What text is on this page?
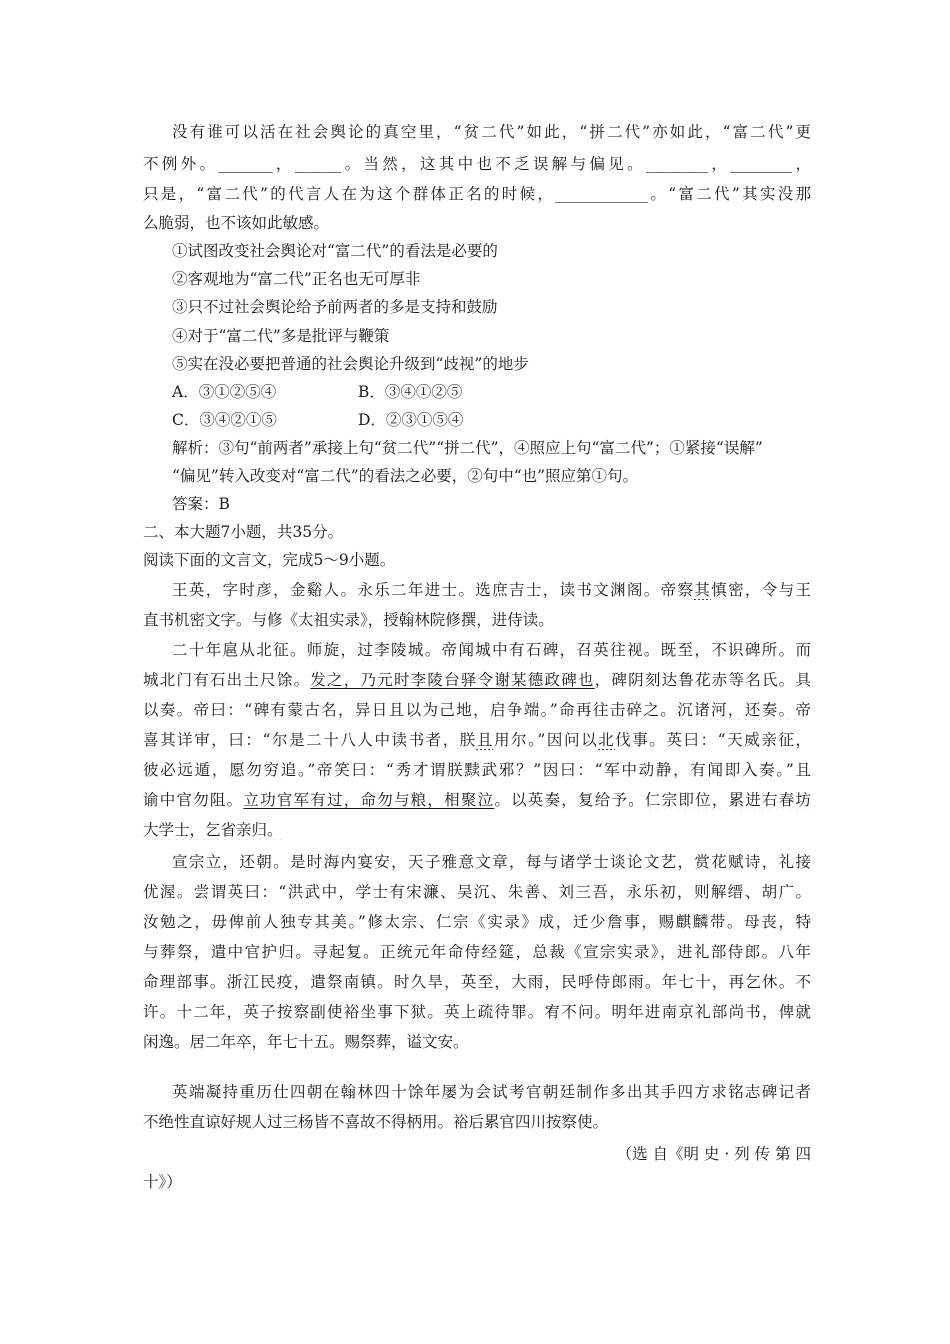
没有谁可以活在社会舆论的真空里，“贫二代”如此，“拼二代”亦如此，“富二代”更
不例外。_______，______。当然，这其中也不乏误解与偏见。________，________，
只是，“富二代”的代言人在为这个群体正名的时候，____________。“富二代”其实没那
么脆弱，也不该如此敏感。
①试图改变社会舆论对“富二代”的看法是必要的
②客观地为“富二代”正名也无可厚非
③只不过社会舆论给予前两者的多是支持和鼓励
④对于“富二代”多是批评与鞭策
⑤实在没必要把普通的社会舆论升级到“歧视”的地步
A．③①②⑤④	B．③④①②⑤
C．③④②①⑤	D．②③①⑤④
解析：③句“前两者”承接上句“贫二代”“拼二代”，④照应上句“富二代”；①紧接“误解”
“偏见”转入改变对“富二代”的看法之必要，②句中“也”照应第①句。
答案：B
二、本大题7小题，共35分。
阅读下面的文言文，完成5～9小题。
王英，字时彦，金谿人。永乐二年进士。选庶吉士，读书文渊阁。帝察其慎密，令与王
直书机密文字。与修《太祖实录》，授翰林院修撰，进侍读。
二十年扈从北征。师旋，过李陵城。帝闻城中有石碑，召英往视。既至，不识碑所。而
城北门有石出土尺馀。发之，乃元时李陵台驿令谢某德政碑也，碑阴刻达鲁花赤等名氏。具
以奏。帝曰：“碑有蒙古名，异日且以为己地，启争端。”命再往击碎之。沉诸河，还奏。帝
喜其详审，曰：“尔是二十八人中读书者，朕且用尔。”因问以北伐事。英曰：“天威亲征，
彼必远遁，愿勿穷追。”帝笑曰：“秀才谓朕黩武邪？”因曰：“军中动静，有闻即入奏。”且
谕中官勿阻。立功官军有过，命勿与粮，相聚泣。以英奏，复给予。仁宗即位，累进右春坊
大学士，乞省亲归。
宣宗立，还朝。是时海内宴安，天子雅意文章，每与诸学士谈论文艺，赏花赋诗，礼接
优渥。尝谓英曰：“洪武中，学士有宋濂、吴沉、朱善、刘三吾，永乐初，则解缙、胡广。
汝勉之，毋俾前人独专其美。”修太宗、仁宗《实录》成，迁少詹事，赐麒麟带。母丧，特
与葬祭，遣中官护归。寻起复。正统元年命侍经筵，总裁《宣宗实录》，进礼部侍郎。八年
命理部事。浙江民疫，遣祭南镇。时久旱，英至，大雨，民呼侍郎雨。年七十，再乞休。不
许。十二年，英子按察副使裕坐事下狱。英上疏待罪。宥不问。明年进南京礼部尚书，俾就
闲逸。居二年卒，年七十五。赐祭葬，谥文安。
英端凝持重历仕四朝在翰林四十馀年屡为会试考官朝廷制作多出其手四方求铭志碑记者
不绝性直谅好规人过三杨皆不喜故不得柄用。裕后累官四川按察使。
（选 自《明 史 · 列 传 第 四
十》）
